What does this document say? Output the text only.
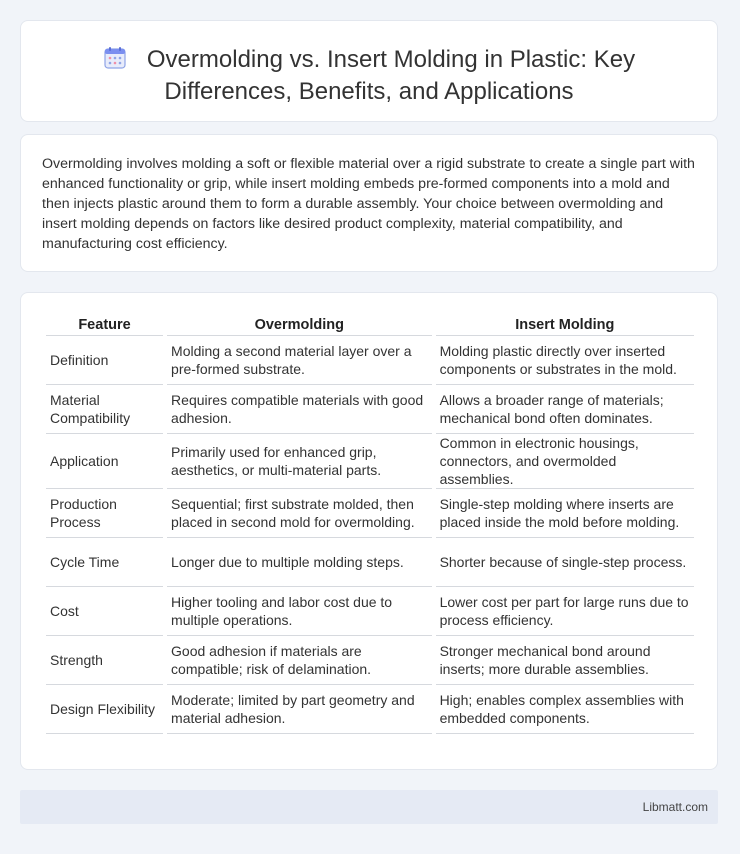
Overmolding vs. Insert Molding in Plastic: Key
Differences, Benefits, and Applications
Overmolding involves molding a soft or flexible material over a rigid substrate to create a single part with enhanced functionality or grip, while insert molding embeds pre-formed components into a mold and then injects plastic around them to form a durable assembly. Your choice between overmolding and insert molding depends on factors like desired product complexity, material compatibility, and manufacturing cost efficiency.
Feature	Overmolding	Insert Molding
Definition	Molding a second material layer over a pre-formed substrate.	Molding plastic directly over inserted components or substrates in the mold.
Material Compatibility	Requires compatible materials with good adhesion.	Allows a broader range of materials; mechanical bond often dominates.
Application	Primarily used for enhanced grip, aesthetics, or multi-material parts.	Common in electronic housings, connectors, and overmolded assemblies.
Production Process	Sequential; first substrate molded, then placed in second mold for overmolding.	Single-step molding where inserts are placed inside the mold before molding.
Cycle Time	Longer due to multiple molding steps.	Shorter because of single-step process.
Cost	Higher tooling and labor cost due to multiple operations.	Lower cost per part for large runs due to process efficiency.
Strength	Good adhesion if materials are compatible; risk of delamination.	Stronger mechanical bond around inserts; more durable assemblies.
Design Flexibility	Moderate; limited by part geometry and material adhesion.	High; enables complex assemblies with embedded components.
Libmatt.com
